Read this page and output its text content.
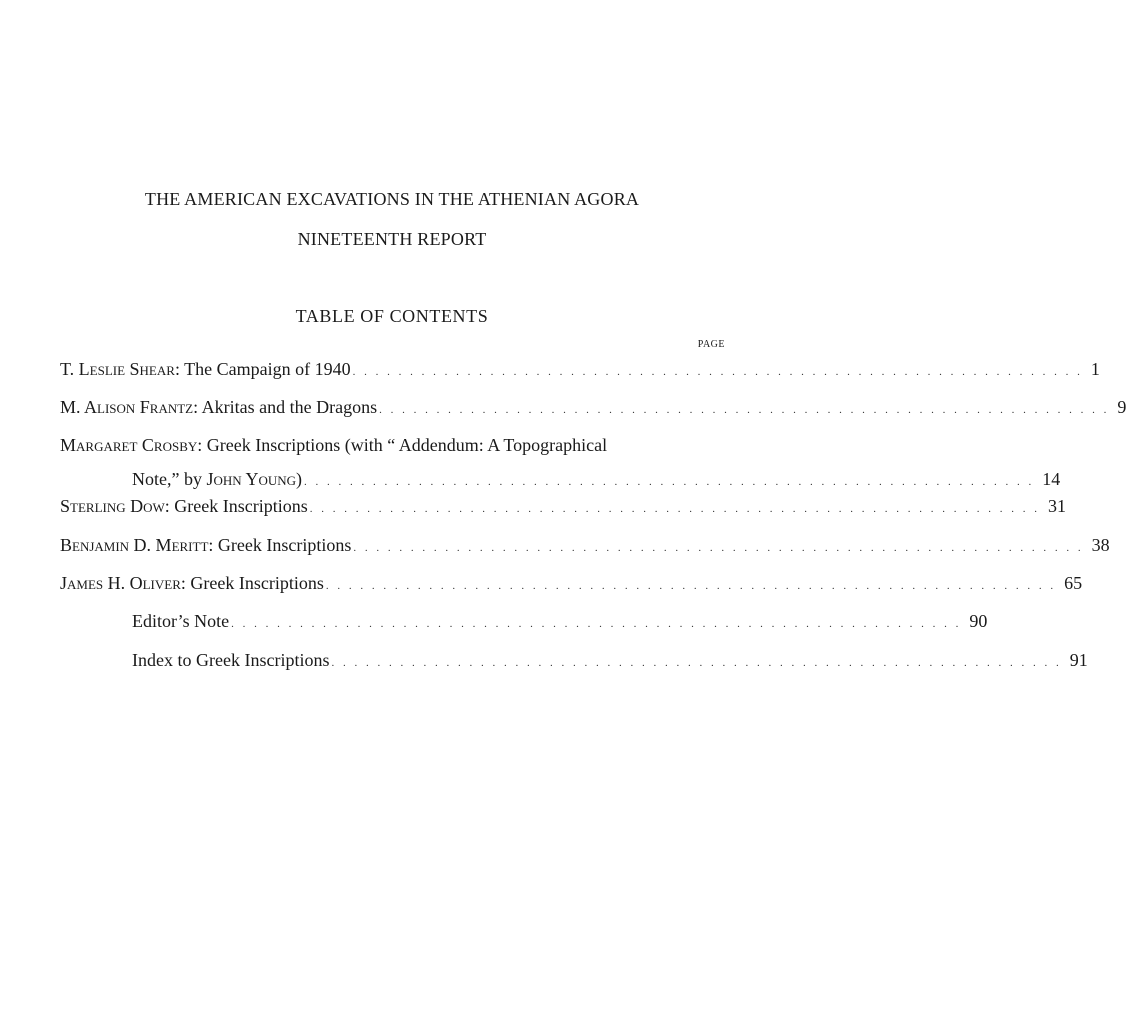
THE AMERICAN EXCAVATIONS IN THE ATHENIAN AGORA
NINETEENTH REPORT
TABLE OF CONTENTS
PAGE
T. Leslie Shear: The Campaign of 1940 . . . . . . . . . . . . . . . . . . . . . . . . . . . . . . . . . . . . . . . . . . . . . . . . . . . . . . . . . . . . . . . . 1
M. Alison Frantz: Akritas and the Dragons . . . . . . . . . . . . . . . . . . . . . . . . . . . . . . . . . . . . . . . . . . . . . . . . . . . . . . . . . . . . . . . . 9
Margaret Crosby: Greek Inscriptions (with “ Addendum: A Topographical
Note,” by John Young) . . . . . . . . . . . . . . . . . . . . . . . . . . . . . . . . . . . . . . . . . . . . . . . . . . . . . . . . . . . . . . . . 14
Sterling Dow: Greek Inscriptions . . . . . . . . . . . . . . . . . . . . . . . . . . . . . . . . . . . . . . . . . . . . . . . . . . . . . . . . . . . . . . . . 31
Benjamin D. Meritt: Greek Inscriptions . . . . . . . . . . . . . . . . . . . . . . . . . . . . . . . . . . . . . . . . . . . . . . . . . . . . . . . . . . . . . . . . 38
James H. Oliver: Greek Inscriptions . . . . . . . . . . . . . . . . . . . . . . . . . . . . . . . . . . . . . . . . . . . . . . . . . . . . . . . . . . . . . . . . 65
Editor’s Note . . . . . . . . . . . . . . . . . . . . . . . . . . . . . . . . . . . . . . . . . . . . . . . . . . . . . . . . . . . . . . . . 90
Index to Greek Inscriptions . . . . . . . . . . . . . . . . . . . . . . . . . . . . . . . . . . . . . . . . . . . . . . . . . . . . . . . . . . . . . . . . 91
